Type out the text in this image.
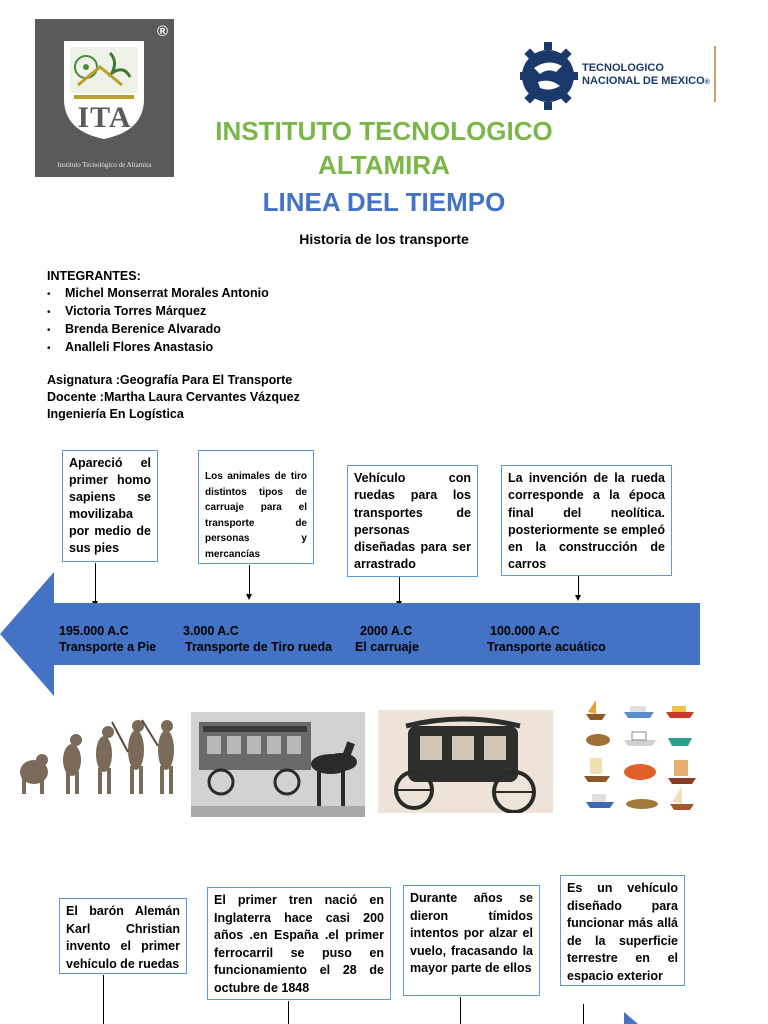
®
ITA
Instituto Tecnológico de Altamira
TECNOLOGICO
NACIONAL DE MEXICO®
INSTITUTO TECNOLOGICO
ALTAMIRA
LINEA DEL TIEMPO
Historia de los transporte
INTEGRANTES:
• Michel Monserrat Morales Antonio
• Victoria Torres Márquez
• Brenda Berenice Alvarado
• Analleli Flores Anastasio
Asignatura :Geografía Para El Transporte
Docente :Martha Laura Cervantes Vázquez
Ingeniería En Logística
Apareció el primer homo sapiens se movilizaba por medio de sus pies
Los animales de tiro distintos tipos de carruaje para el transporte de personas y mercancías
Vehículo con ruedas para los transportes de personas diseñadas para ser arrastrado
La invención de la rueda corresponde a la época final del neolítica. posteriormente se empleó en la construcción de carros
195.000 A.C
Transporte a Pie
3.000 A.C
Transporte de Tiro rueda
2000 A.C
El carruaje
100.000 A.C
Transporte acuático
El barón Alemán Karl Christian invento el primer vehículo de ruedas
El primer tren nació en Inglaterra hace casi 200 años .en España .el primer ferrocarril se puso en funcionamiento el 28 de octubre de 1848
Durante años se dieron tímidos intentos por alzar el vuelo, fracasando la mayor parte de ellos
Es un vehículo diseñado para funcionar más allá de la superficie terrestre en el espacio exterior
